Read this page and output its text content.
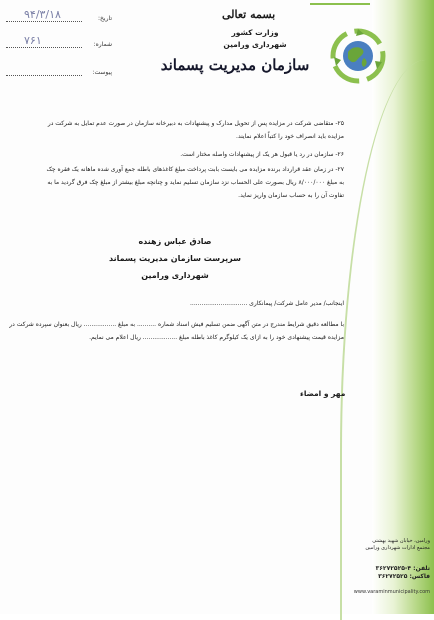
بسمه تعالی
وزارت کشور
شهرداری ورامین
سازمان مدیریت پسماند
تاریخ:
۹۴/۳/۱۸
شماره:
۷۶۱
پیوست:
۲۵- متقاضی شرکت در مزایده پس از تحویل مدارک و پیشنهادات به دبیرخانه سازمان در صورت عدم تمایل به شرکت در مزایده باید انصراف خود را کتباً اعلام نمایند.
۲۶- سازمان در رد یا قبول هر یک از پیشنهادات واصله مختار است.
۲۷- در زمان عقد قرارداد برنده مزایده می بایست بابت پرداخت مبلغ کاغذهای باطله جمع آوری شده ماهانه یک فقره چک به مبلغ ۸/۰۰۰/۰۰۰ ریال بصورت علی الحساب نزد سازمان تسلیم نماید و چنانچه مبلغ بیشتر از مبلغ چک فرق گردید ما به تفاوت آن را به حساب سازمان واریز نماید.
صادق عباس زهنده
سرپرست سازمان مدیریت پسماند
شهرداری ورامین
اینجانب/ مدیر عامل شرکت/ پیمانکاری ..............................
با مطالعه دقیق شرایط مندرج در متن آگهی ضمن تسلیم فیش اسناد شماره .......... به مبلغ ................. ریال بعنوان سپرده شرکت در مزایده قیمت پیشنهادی خود را به ازای یک کیلوگرم کاغذ باطله مبلغ .................. ریال اعلام می نمایم.
مهر و امضاء
ورامین، خیابان شهید بهشتی مجتمع ادارات شهرداری ورامین
تلفن: ۴-۳۶۲۷۲۵۲۵
فاکس: ۳۶۲۷۲۵۲۵
www.varaminmunicipality.com
